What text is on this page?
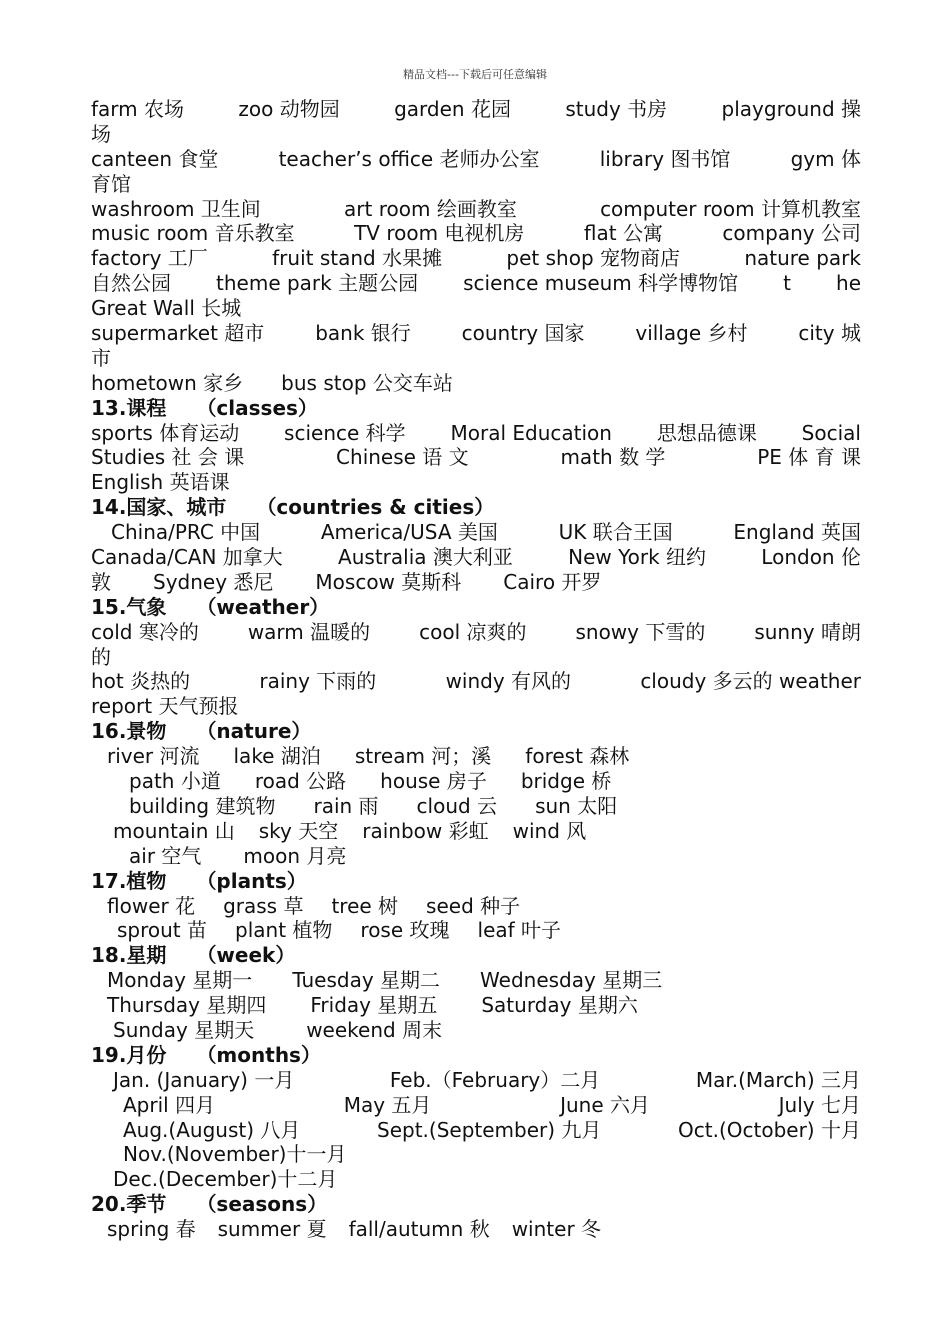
精品文档---下载后可任意编辑
farm 农场	zoo 动物园	garden 花园	study 书房	playground 操
场
canteen 食堂	teacher’s office 老师办公室	library 图书馆	gym 体
育馆
washroom 卫生间	art room 绘画教室	computer room 计算机教室
music room 音乐教室	TV room 电视机房	flat 公寓	company 公司
factory 工厂	fruit stand 水果摊	pet shop 宠物商店	nature park
自然公园 theme park 主题公园 science museum 科学博物馆 t he
Great Wall 长城
supermarket 超市	bank 银行	country 国家	village 乡村	city 城
市
hometown 家乡 bus stop 公交车站
13.课程 （classes）
sports 体育运动 science 科学 Moral Education 思想品德课 Social
Studies 社 会 课	Chinese 语 文	math 数 学	PE 体 育 课
English 英语课
14.国家、城市 （countries & cities）
China/PRC 中国	America/USA 美国	UK 联合王国	England 英国
Canada/CAN 加拿大	Australia 澳大利亚	New York 纽约	London 伦
敦 Sydney 悉尼 Moscow 莫斯科 Cairo 开罗
15.气象 （weather）
cold 寒冷的 warm 温暖的 cool 凉爽的 snowy 下雪的 sunny 晴朗
的
hot 炎热的	rainy 下雨的	windy 有风的	cloudy 多云的 weather
report 天气预报
16.景物 （nature）
river 河流 lake 湖泊 stream 河；溪 forest 森林
path 小道 road 公路 house 房子 bridge 桥
building 建筑物 rain 雨 cloud 云 sun 太阳
mountain 山 sky 天空 rainbow 彩虹 wind 风
air 空气 moon 月亮
17.植物 （plants）
flower 花 grass 草 tree 树 seed 种子
sprout 苗 plant 植物 rose 玫瑰 leaf 叶子
18.星期 （week）
Monday 星期一 Tuesday 星期二 Wednesday 星期三
Thursday 星期四 Friday 星期五 Saturday 星期六
Sunday 星期天	weekend 周末
19.月份 （months）
Jan. (January) 一月	Feb.（February）二月	Mar.(March) 三月
April 四月	May 五月	June 六月	July 七月
Aug.(August) 八月	Sept.(September) 九月	Oct.(October) 十月
Nov.(November)十一月
Dec.(December)十二月
20.季节 （seasons）
spring 春 summer 夏 fall/autumn 秋 winter 冬
